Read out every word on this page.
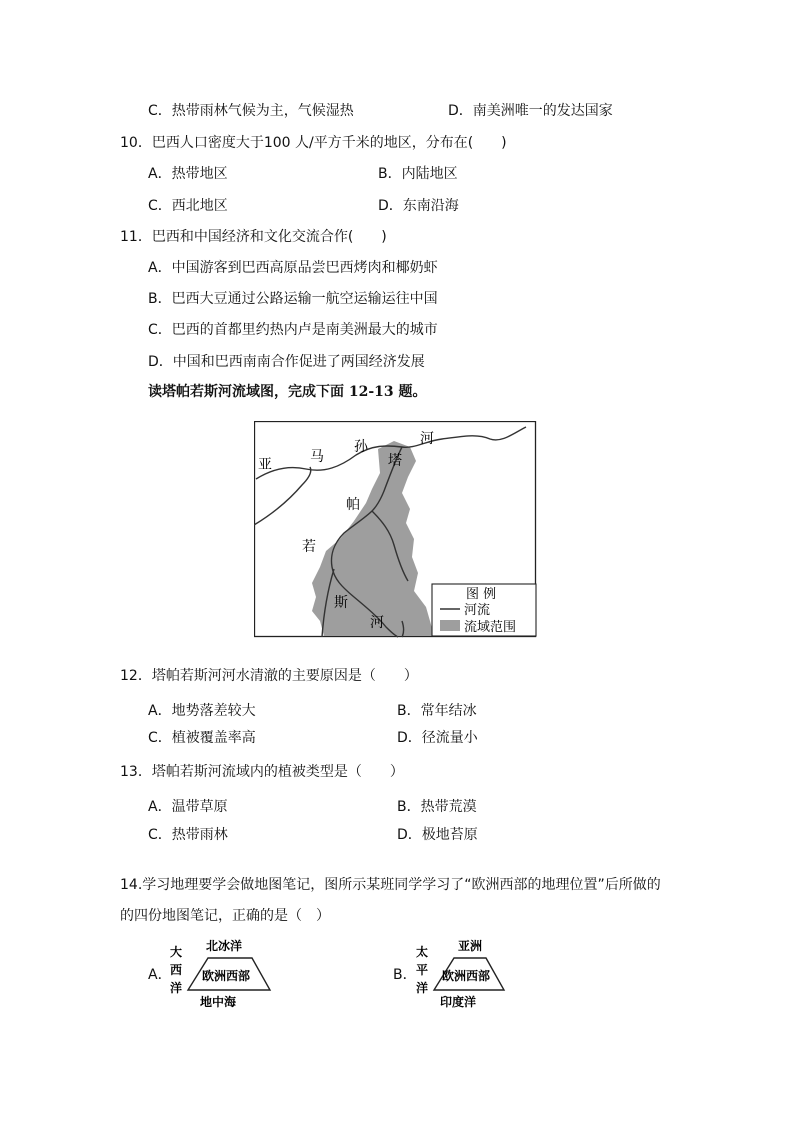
C．热带雨林气候为主，气候湿热	D．南美洲唯一的发达国家
10．巴西人口密度大于100 人/平方千米的地区，分布在(　　)
A．热带地区	B．内陆地区
C．西北地区	D．东南沿海
11．巴西和中国经济和文化交流合作(　　)
A．中国游客到巴西高原品尝巴西烤肉和椰奶虾
B．巴西大豆通过公路运输一航空运输运往中国
C．巴西的首都里约热内卢是南美洲最大的城市
D．中国和巴西南南合作促进了两国经济发展
读塔帕若斯河流域图，完成下面 12-13 题。
亚	马
孙	河
塔
帕
若
斯
河
图 例
河流
流域范围
12．塔帕若斯河河水清澈的主要原因是（　　）
A．地势落差较大	B．常年结冰
C．植被覆盖率高	D．径流量小
13．塔帕若斯河流域内的植被类型是（　　）
A．温带草原	B．热带荒漠
C．热带雨林	D．极地苔原
14.学习地理要学会做地图笔记，图所示某班同学学习了“欧洲西部的地理位置”后所做的
的四份地图笔记，正确的是（　）
A．
大
西
洋
北冰洋
欧洲西部
地中海
B．
太
平
洋
亚洲
欧洲西部
印度洋
